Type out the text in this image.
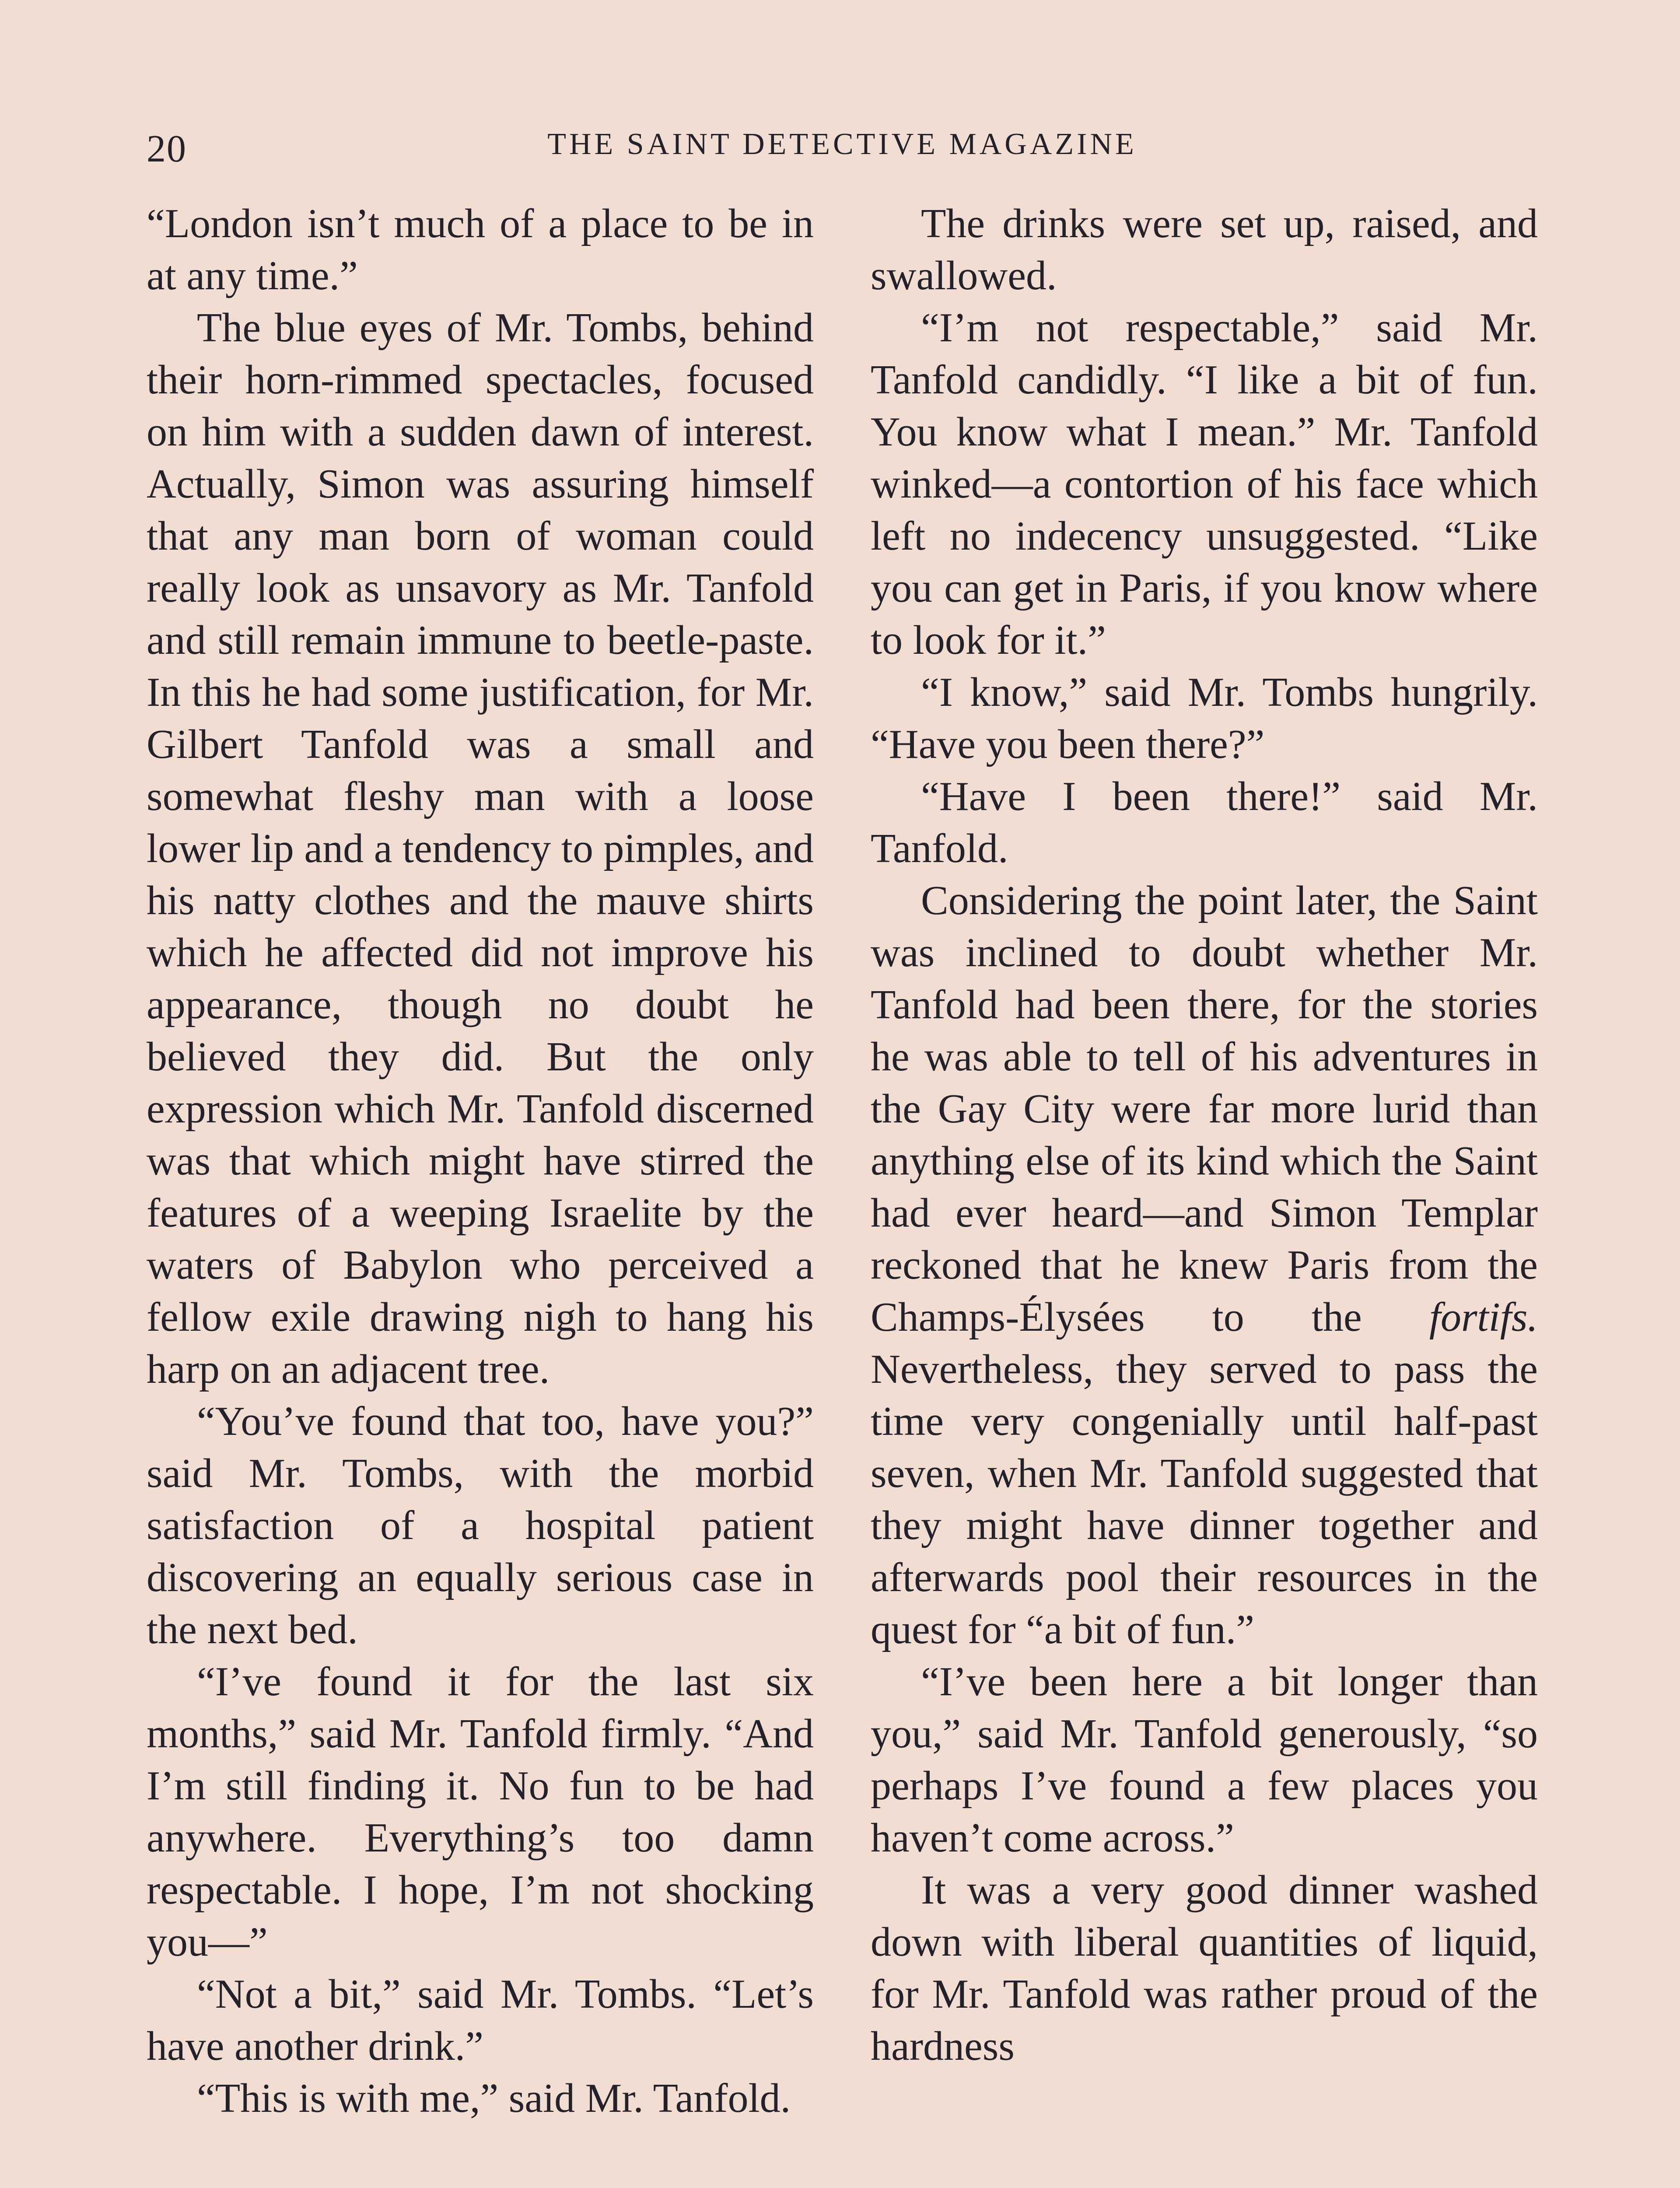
20	THE SAINT DETECTIVE MAGAZINE

“London isn’t much of a place to be in at any time.”

The blue eyes of Mr. Tombs, behind their horn-rimmed spectacles, focused on him with a sudden dawn of interest. Actually, Simon was assuring himself that any man born of woman could really look as unsavory as Mr. Tanfold and still remain immune to beetle-paste. In this he had some justification, for Mr. Gilbert Tanfold was a small and somewhat fleshy man with a loose lower lip and a tendency to pimples, and his natty clothes and the mauve shirts which he affected did not improve his appearance, though no doubt he believed they did. But the only expression which Mr. Tanfold discerned was that which might have stirred the features of a weeping Israelite by the waters of Babylon who perceived a fellow exile drawing nigh to hang his harp on an adjacent tree.

“You’ve found that too, have you?” said Mr. Tombs, with the morbid satisfaction of a hospital patient discovering an equally serious case in the next bed.

“I’ve found it for the last six months,” said Mr. Tanfold firmly. “And I’m still finding it. No fun to be had anywhere. Everything’s too damn respectable. I hope, I’m not shocking you—”

“Not a bit,” said Mr. Tombs. “Let’s have another drink.”

“This is with me,” said Mr. Tanfold.

The drinks were set up, raised, and swallowed.

“I’m not respectable,” said Mr. Tanfold candidly. “I like a bit of fun. You know what I mean.” Mr. Tanfold winked—a contortion of his face which left no indecency unsuggested. “Like you can get in Paris, if you know where to look for it.”

“I know,” said Mr. Tombs hungrily. “Have you been there?”

“Have I been there!” said Mr. Tanfold.

Considering the point later, the Saint was inclined to doubt whether Mr. Tanfold had been there, for the stories he was able to tell of his adventures in the Gay City were far more lurid than anything else of its kind which the Saint had ever heard—and Simon Templar reckoned that he knew Paris from the Champs-Élysées to the fortifs. Nevertheless, they served to pass the time very congenially until half-past seven, when Mr. Tanfold suggested that they might have dinner together and afterwards pool their resources in the quest for “a bit of fun.”

“I’ve been here a bit longer than you,” said Mr. Tanfold generously, “so perhaps I’ve found a few places you haven’t come across.”

It was a very good dinner washed down with liberal quantities of liquid, for Mr. Tanfold was rather proud of the hardness
